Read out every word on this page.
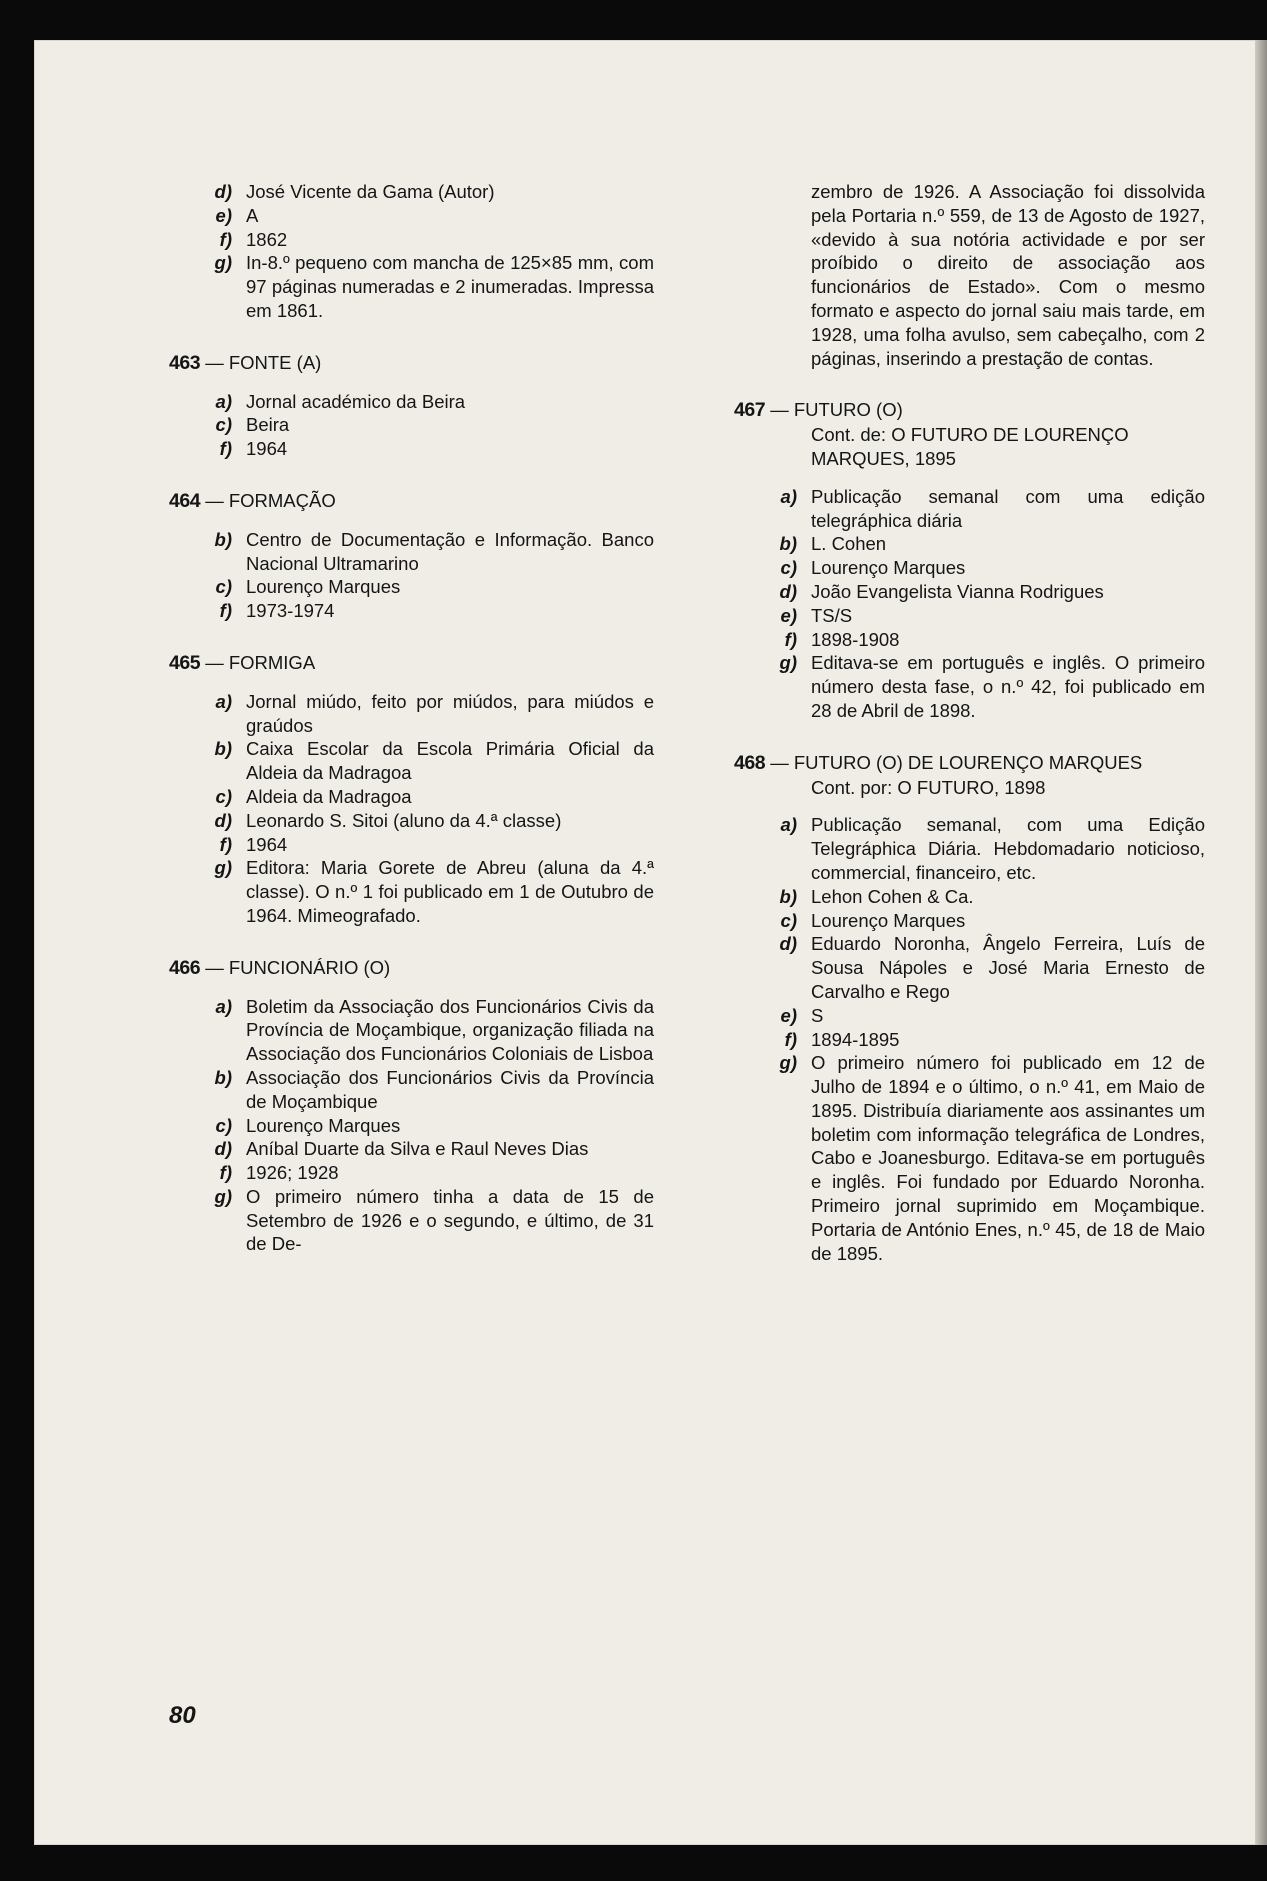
d) José Vicente da Gama (Autor)
e) A
f) 1862
g) In-8.º pequeno com mancha de 125×85 mm, com 97 páginas numeradas e 2 inumeradas. Impressa em 1861.
463 — FONTE (A)
a) Jornal académico da Beira
c) Beira
f) 1964
464 — FORMAÇÃO
b) Centro de Documentação e Informação. Banco Nacional Ultramarino
c) Lourenço Marques
f) 1973-1974
465 — FORMIGA
a) Jornal miúdo, feito por miúdos, para miúdos e graúdos
b) Caixa Escolar da Escola Primária Oficial da Aldeia da Madragoa
c) Aldeia da Madragoa
d) Leonardo S. Sitoi (aluno da 4.ª classe)
f) 1964
g) Editora: Maria Gorete de Abreu (aluna da 4.ª classe). O n.º 1 foi publicado em 1 de Outubro de 1964. Mimeografado.
466 — FUNCIONÁRIO (O)
a) Boletim da Associação dos Funcionários Civis da Província de Moçambique, organização filiada na Associação dos Funcionários Coloniais de Lisboa
b) Associação dos Funcionários Civis da Província de Moçambique
c) Lourenço Marques
d) Aníbal Duarte da Silva e Raul Neves Dias
f) 1926; 1928
g) O primeiro número tinha a data de 15 de Setembro de 1926 e o segundo, e último, de 31 de De-
zembro de 1926. A Associação foi dissolvida pela Portaria n.º 559, de 13 de Agosto de 1927, «devido à sua notória actividade e por ser proíbido o direito de associação aos funcionários de Estado». Com o mesmo formato e aspecto do jornal saiu mais tarde, em 1928, uma folha avulso, sem cabeçalho, com 2 páginas, inserindo a prestação de contas.
467 — FUTURO (O)
Cont. de: O FUTURO DE LOURENÇO MARQUES, 1895
a) Publicação semanal com uma edição telegráphica diária
b) L. Cohen
c) Lourenço Marques
d) João Evangelista Vianna Rodrigues
e) TS/S
f) 1898-1908
g) Editava-se em português e inglês. O primeiro número desta fase, o n.º 42, foi publicado em 28 de Abril de 1898.
468 — FUTURO (O) DE LOURENÇO MARQUES
Cont. por: O FUTURO, 1898
a) Publicação semanal, com uma Edição Telegráphica Diária. Hebdomadario noticioso, commercial, financeiro, etc.
b) Lehon Cohen & Ca.
c) Lourenço Marques
d) Eduardo Noronha, Ângelo Ferreira, Luís de Sousa Nápoles e José Maria Ernesto de Carvalho e Rego
e) S
f) 1894-1895
g) O primeiro número foi publicado em 12 de Julho de 1894 e o último, o n.º 41, em Maio de 1895. Distribuía diariamente aos assinantes um boletim com informação telegráfica de Londres, Cabo e Joanesburgo. Editava-se em português e inglês. Foi fundado por Eduardo Noronha. Primeiro jornal suprimido em Moçambique. Portaria de António Enes, n.º 45, de 18 de Maio de 1895.
80
